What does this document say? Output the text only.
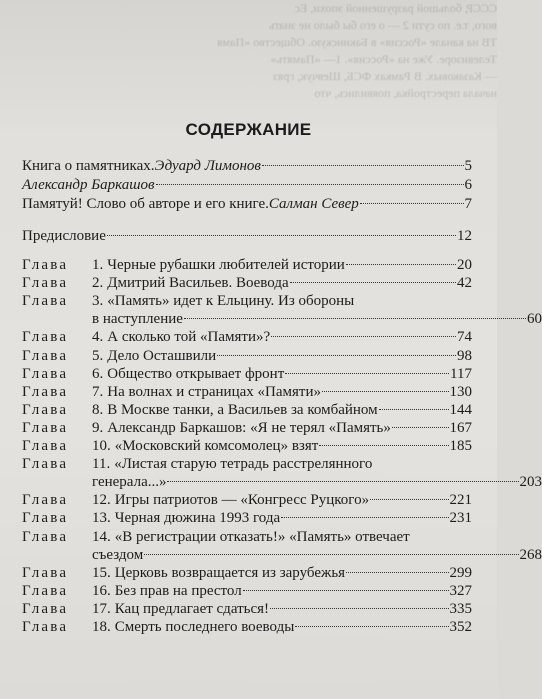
СССР, большой разрушенной эпохи, Ес
вого, т.е. по сути 2 — о его бы было не знать
ТВ на канале «Россия» в Бакинскую. Общество «Памя
Телевизоре. Уже на «Россия». 1— «Память»
— Казаковых. В Рамках ФСБ, Шевчук, гряз
начала перестройка, появились, что
СОДЕРЖАНИЕ
Книга о памятниках. Эдуард Лимонов	5
Александр Баркашов	6
Памятуй! Слово об авторе и его книге. Салман Север	7
Предисловие	12
Глава	1. Черные рубашки любителей истории	20
Глава	2. Дмитрий Васильев. Воевода	42
Глава	3. «Память» идет к Ельцину. Из обороны
в наступление	60
Глава	4. А сколько той «Памяти»?	74
Глава	5. Дело Осташвили	98
Глава	6. Общество открывает фронт	117
Глава	7. На волнах и страницах «Памяти»	130
Глава	8. В Москве танки, а Васильев за комбайном	144
Глава	9. Александр Баркашов: «Я не терял «Память»	167
Глава	10. «Московский комсомолец» взят	185
Глава	11. «Листая старую тетрадь расстрелянного
генерала...»	203
Глава	12. Игры патриотов — «Конгресс Руцкого»	221
Глава	13. Черная дюжина 1993 года	231
Глава	14. «В регистрации отказать!» «Память» отвечает
съездом	268
Глава	15. Церковь возвращается из зарубежья	299
Глава	16. Без прав на престол	327
Глава	17. Кац предлагает сдаться!	335
Глава	18. Смерть последнего воеводы	352
